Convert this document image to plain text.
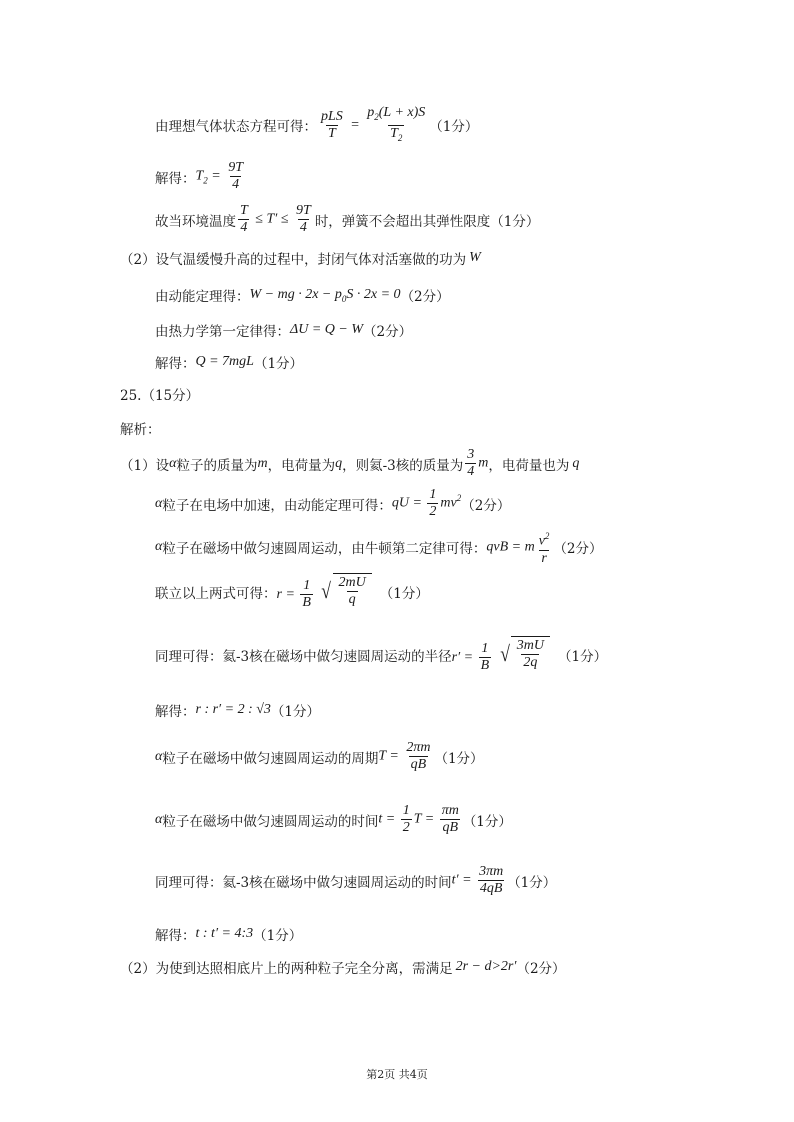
由理想气体状态方程可得： $\frac{\text{pLS}}{T} = \frac{p_2(L + x)S}{T_2} (1$分）
解得： $T_2 = \frac{9T}{4}$
故当环境温度 $\frac{T}{4} \le T' \le \frac{9T}{4}$ 时，弹簧不会超出其弹性限度（1分）
（2）设气温缓慢升高的过程中，封闭气体对活塞做的功为 W
由动能定理得： W − mg · $2x - p_0S \cdot 2x = 0$ （2分）
由热力学第一定律得： ΔU = Q − W （2分）
解得： Q = 7mgL （1分）
25.（15分）
解析：
（1）设 α 粒子的质量为 m ，电荷量为 q ，则氦-3核的质量为 $\frac{3}{4}$ m ，电荷量也为 q
α 粒子在电场中加速，由动能定理可得： qU = $\frac{1}{2} mv^2$ （2分）
α 粒子在磁场中做匀速圆周运动，由牛顿第二定律可得： qvB = m $\frac{v^2}{r} (2$分）
联立以上两式可得： $r = \frac{1}{B}$
√ $\frac{2mU}{q} (1$分）
同理可得：氦-3核在磁场中做匀速圆周运动的半径 $r' = \frac{1}{B}$
√ $\frac{3mU}{2q} (1$分）
解得： r : r′ = 2 : √3 （1分）
α 粒子在磁场中做匀速圆周运动的周期 $T = \frac{2\pi m}{qB} (1$分）
α 粒子在磁场中做匀速圆周运动的时间 $t = \frac{1}{2}$ $T = \frac{\pi m}{qB} (1$分）
同理可得：氦-3核在磁场中做匀速圆周运动的时间 $t' = \frac{3\pi m}{4qB} (1$分）
解得： t : t′ = 4:3 （1分）
（2）为使到达照相底片上的两种粒子完全分离，需满足 2r − d>2r′ （2分）
第2页 共4页
